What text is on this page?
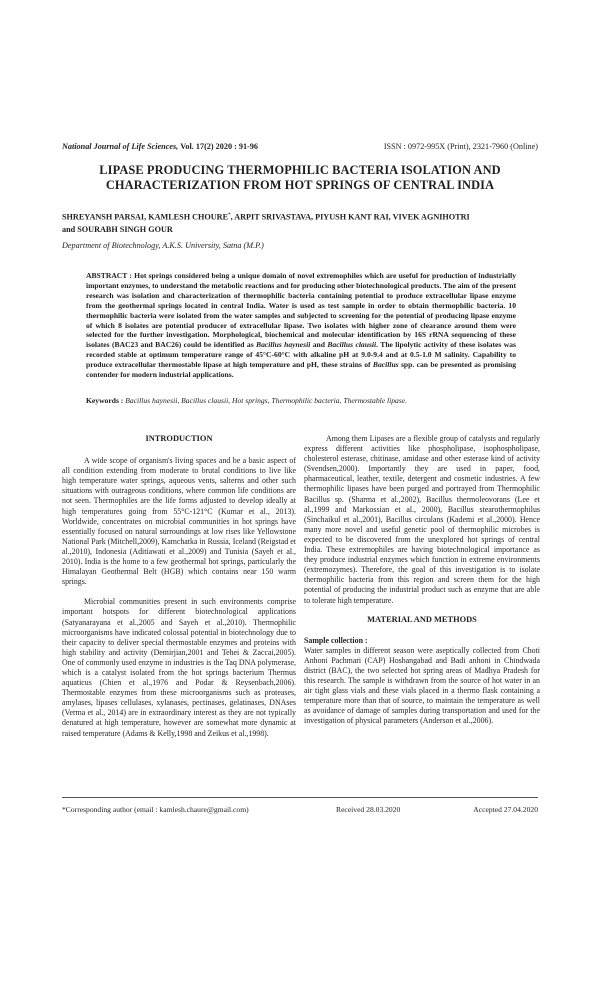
National Journal of Life Sciences, Vol. 17(2) 2020 : 91-96	ISSN : 0972-995X (Print), 2321-7960 (Online)
LIPASE PRODUCING THERMOPHILIC BACTERIA ISOLATION AND
CHARACTERIZATION FROM HOT SPRINGS OF CENTRAL INDIA
SHREYANSH PARSAI, KAMLESH CHOURE*, ARPIT SRIVASTAVA, PIYUSH KANT RAI, VIVEK AGNIHOTRI
and SOURABH SINGH GOUR
Department of Biotechnology, A.K.S. University, Satna (M.P.)
ABSTRACT : Hot springs considered being a unique domain of novel extremophiles which are useful for production of industrially important enzymes, to understand the metabolic reactions and for producing other biotechnological products. The aim of the present research was isolation and characterization of thermophilic bacteria containing potential to produce extracellular lipase enzyme from the geothermal springs located in central India. Water is used as test sample in order to obtain thermophilic bacteria. 10 thermophilic bacteria were isolated from the water samples and subjected to screening for the potential of producing lipase enzyme of which 8 isolates are potential producer of extracellular lipase. Two isolates with higher zone of clearance around them were selected for the further investigation. Morphological, biochemical and molecular identification by 16S rRNA sequencing of these isolates (BAC23 and BAC26) could be identified as Bacillus haynesii and Bacillus clausii. The lipolytic activity of these isolates was recorded stable at optimum temperature range of 45°C-60°C with alkaline pH at 9.0-9.4 and at 0.5-1.0 M salinity. Capability to produce extracellular thermostable lipase at high temperature and pH, these strains of Bacillus spp. can be presented as promising contender for modern industrial applications.
Keywords : Bacillus haynesii, Bacillus clausii, Hot springs, Thermophilic bacteria, Thermostable lipase.
INTRODUCTION

A wide scope of organism's living spaces and be a basic aspect of all condition extending from moderate to brutal conditions to live like high temperature water springs, aqueous vents, salterns and other such situations with outrageous conditions, where common life conditions are not seen. Thermophiles are the life forms adjusted to develop ideally at high temperatures going from 55°C-121°C (Kumar et al., 2013). Worldwide, concentrates on microbial communities in hot springs have essentially focused on natural surroundings at low rises like Yellowstone National Park (Mitchell,2009), Kamchatka in Russia, Iceland (Reigstad et al.,2010), Indonesia (Aditiawati et al.,2009) and Tunisia (Sayeh et al., 2010). India is the home to a few geothermal hot springs, particularly the Himalayan Geothermal Belt (HGB) which contains near 150 warm springs.

Microbial communities present in such environments comprise important hotspots for different biotechnological applications (Satyanarayana et al.,2005 and Sayeh et al.,2010). Thermophilic microorganisms have indicated colossal potential in biotechnology due to their capacity to deliver special thermostable enzymes and proteins with high stability and activity (Demirjian,2001 and Tehei & Zaccai,2005). One of commonly used enzyme in industries is the Taq DNA polymerase, which is a catalyst isolated from the hot springs bacterium Thermus aquaticus (Chien et al.,1976 and Podar & Reysenbach,2006). Thermostable enzymes from these microorganisms such as proteases, amylases, lipases cellulases, xylanases, pectinases, gelatinases, DNAses (Verma et al., 2014) are in extraordinary interest as they are not typically denatured at high temperature, however are somewhat more dynamic at raised temperature (Adams & Kelly,1998 and Zeikus et al.,1998).

Among them Lipases are a flexible group of catalysts and regularly express different activities like phospholipase, isophospholipase, cholesterol esterase, chitinase, amidase and other esterase kind of activity (Svendsen,2000). Importantly they are used in paper, food, pharmaceutical, leather, textile, detergent and cosmetic industries. A few thermophilic lipases have been purged and portrayed from Thermophilic Bacillus sp. (Sharma et al.,2002), Bacillus thermoleovorans (Lee et al.,1999 and Markossian et al., 2000), Bacillus stearothermophilus (Sinchaikul et al.,2001), Bacillus circulans (Kademi et al.,2000). Hence many more novel and useful genetic pool of thermophilic microbes is expected to be discovered from the unexplored hot springs of central India. These extremophiles are having biotechnological importance as they produce industrial enzymes which function in extreme environments (extremozymes). Therefore, the goal of this investigation is to isolate thermophilic bacteria from this region and screen them for the high potential of producing the industrial product such as enzyme that are able to tolerate high temperature.

MATERIAL AND METHODS
Sample collection :

Water samples in different season were aseptically collected from Choti Anhoni Pachmari (CAP) Hoshangabad and Badi anhoni in Chindwada district (BAC), the two selected hot spring areas of Madhya Pradesh for this research. The sample is withdrawn from the source of hot water in an air tight glass vials and these vials placed in a thermo flask containing a temperature more than that of source, to maintain the temperature as well as avoidance of damage of samples during transportation and used for the investigation of physical parameters (Anderson et al.,2006).

*Corresponding author (email : kamlesh.chaure@gmail.com)	Received 28.03.2020	Accepted 27.04.2020
